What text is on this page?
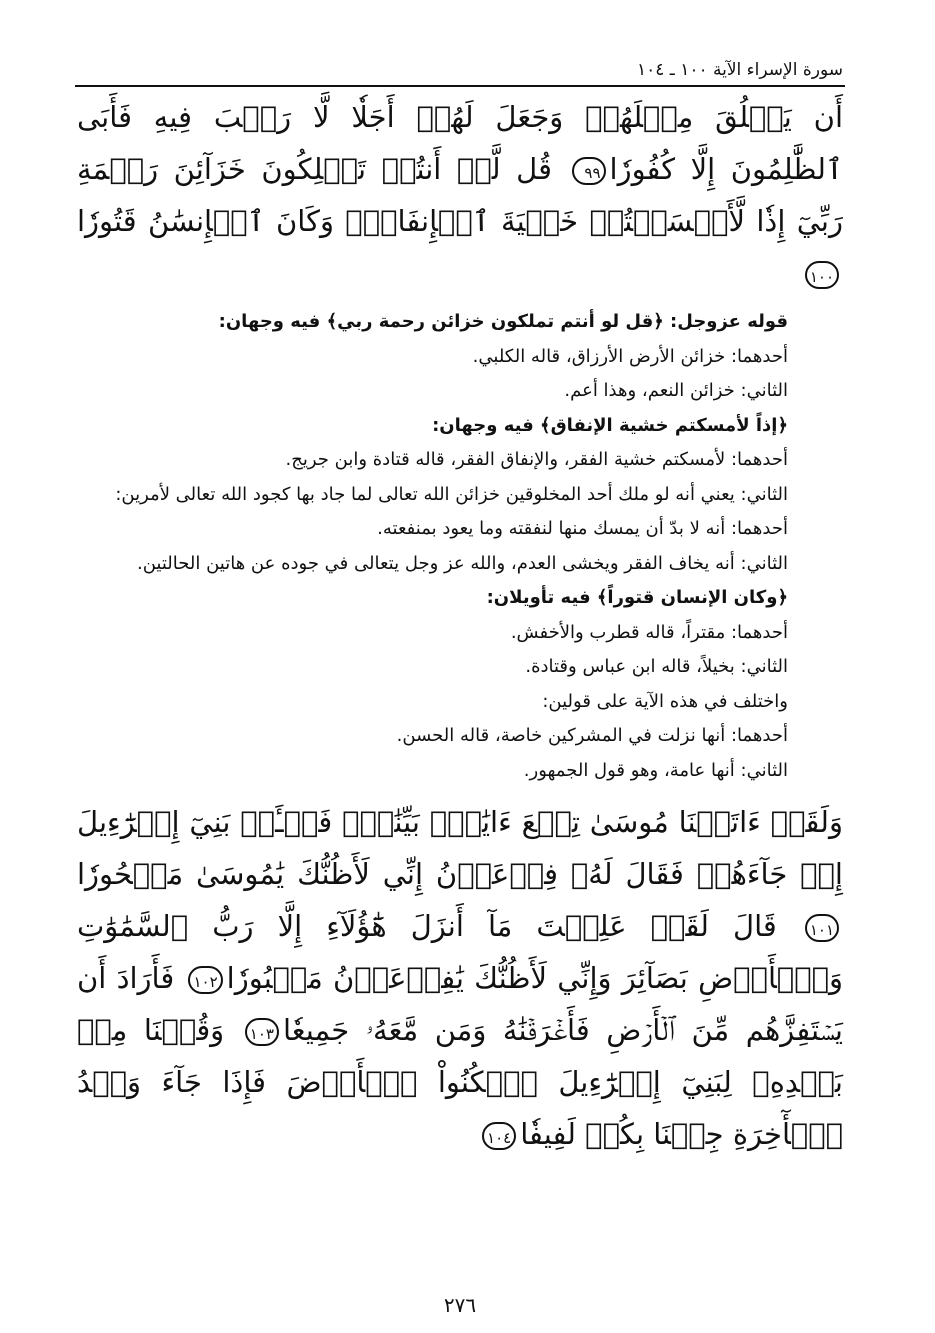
سورة الإسراء الآية ١٠٠ ـ ١٠٤
أَن يَخۡلُقَ مِثۡلَهُمۡ وَجَعَلَ لَهُمۡ أَجَلٗا لَّا رَيۡبَ فِيهِ فَأَبَى ٱلظَّٰلِمُونَ إِلَّا كُفُورٗا٩٩ قُل لَّوۡ أَنتُمۡ تَمۡلِكُونَ خَزَآئِنَ رَحۡمَةِ رَبِّيٓ إِذٗا لَّأَمۡسَكۡتُمۡ خَشۡيَةَ ٱلۡإِنفَاقِۚ وَكَانَ ٱلۡإِنسَٰنُ قَتُورٗا١٠٠

قوله عزوجل: ﴿قل لو أنتم تملكون خزائن رحمة ربي﴾ فيه وجهان:

أحدهما: خزائن الأرض الأرزاق، قاله الكلبي.

الثاني: خزائن النعم، وهذا أعم.

﴿إذاً لأمسكتم خشية الإنفاق﴾ فيه وجهان:

أحدهما: لأمسكتم خشية الفقر، والإنفاق الفقر، قاله قتادة وابن جريج.

الثاني: يعني أنه لو ملك أحد المخلوقين خزائن الله تعالى لما جاد بها كجود الله تعالى لأمرين:

أحدهما: أنه لا بدّ أن يمسك منها لنفقته وما يعود بمنفعته.

الثاني: أنه يخاف الفقر ويخشى العدم، والله عز وجل يتعالى في جوده عن هاتين الحالتين.

﴿وكان الإنسان قتوراً﴾ فيه تأويلان:

أحدهما: مقتراً، قاله قطرب والأخفش.

الثاني: بخيلاً، قاله ابن عباس وقتادة.

واختلف في هذه الآية على قولين:

أحدهما: أنها نزلت في المشركين خاصة، قاله الحسن.

الثاني: أنها عامة، وهو قول الجمهور.

وَلَقَدۡ ءَاتَيۡنَا مُوسَىٰ تِسۡعَ ءَايَٰتِۭ بَيِّنَٰتٖۖ فَسۡـَٔلۡ بَنِيٓ إِسۡرَٰٓءِيلَ إِذۡ جَآءَهُمۡ فَقَالَ لَهُۥ فِرۡعَوۡنُ إِنِّي لَأَظُنُّكَ يَٰمُوسَىٰ مَسۡحُورٗا١٠١ قَالَ لَقَدۡ عَلِمۡتَ مَآ أَنزَلَ هَٰٓؤُلَآءِ إِلَّا رَبُّ ٱلسَّمَٰوَٰتِ وَٱلۡأَرۡضِ بَصَآئِرَ وَإِنِّي لَأَظُنُّكَ يَٰفِرۡعَوۡنُ مَثۡبُورٗا١٠٢ فَأَرَادَ أَن يَسۡتَفِزَّهُم مِّنَ ٱلۡأَرۡضِ فَأَغۡرَقۡنَٰهُ وَمَن مَّعَهُۥ جَمِيعٗا١٠٣ وَقُلۡنَا مِنۢ بَعۡدِهِۦ لِبَنِيٓ إِسۡرَٰٓءِيلَ ٱسۡكُنُواْ ٱلۡأَرۡضَ فَإِذَا جَآءَ وَعۡدُ ٱلۡأٓخِرَةِ جِئۡنَا بِكُمۡ لَفِيفٗا١٠٤
٢٧٦
